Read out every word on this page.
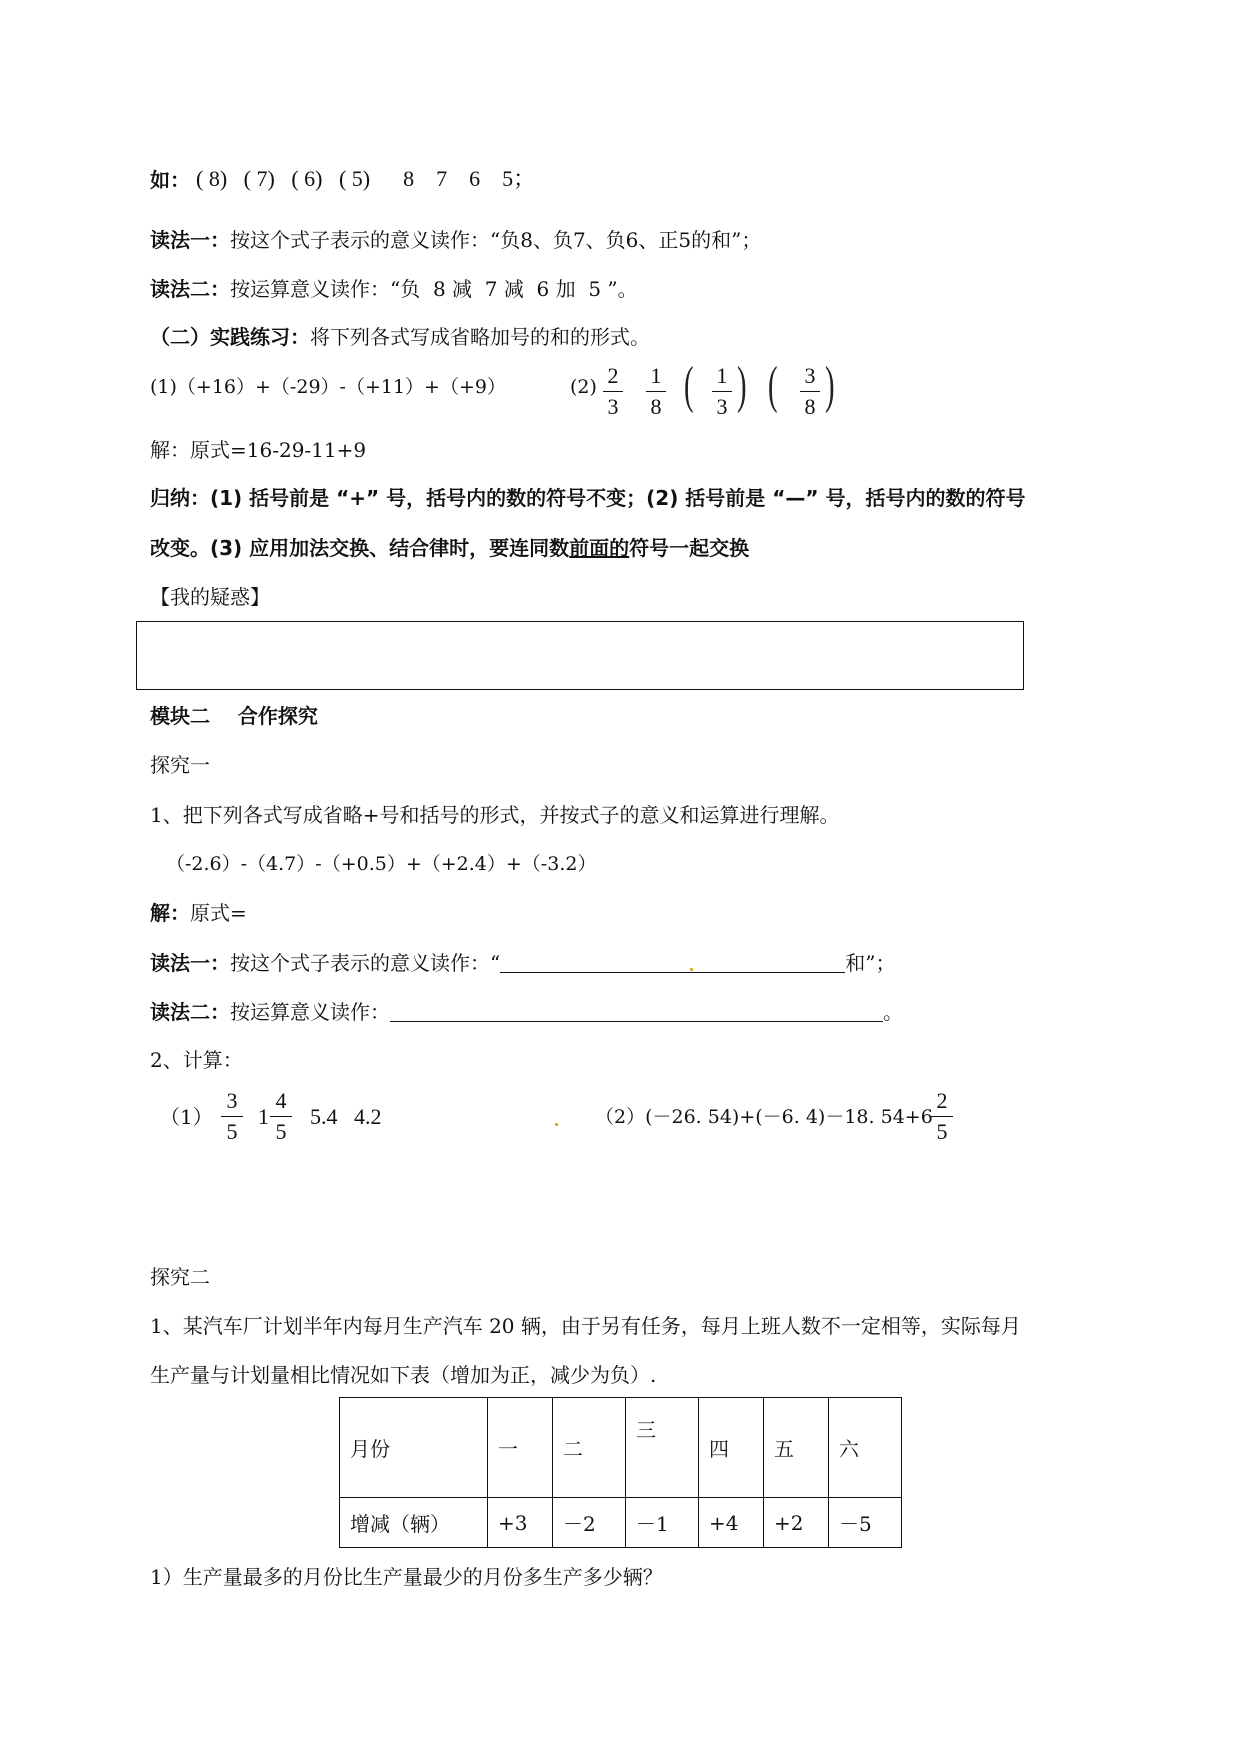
如： ( 8) ( 7) ( 6) ( 5) 8 7 6 5；
读法一：按这个式子表示的意义读作：“负8、负7、负6、正5的和”；
读法二：按运算意义读作：“负  8 减  7 减  6 加  5 ”。
（二）实践练习：将下列各式写成省略加号的和的形式。
(1)（+16）+（-29）-（+11）+（+9）	(2) 2
3
1
8 ( 1
3 ) ( 3
8 )
解：原式=16-29-11+9
归纳：(1) 括号前是 “+” 号，括号内的数的符号不变；(2) 括号前是 “—” 号，括号内的数的符号
改变。(3) 应用加法交换、结合律时，要连同数前面的符号一起交换
【我的疑惑】
模块二    合作探究
探究一
1、把下列各式写成省略+号和括号的形式，并按式子的意义和运算进行理解。
（-2.6）-（4.7）-（+0.5）+（+2.4）+（-3.2）
解：原式=
读法一：按这个式子表示的意义读作：“	和”；
读法二：按运算意义读作：	。
2、计算：
（1）
3
5
1
4
5
5.4   4.2	（2）(－26. 54)+(－6. 4)－18. 54+6
2
5
探究二
1、某汽车厂计划半年内每月生产汽车 20 辆，由于另有任务，每月上班人数不一定相等，实际每月
生产量与计划量相比情况如下表（增加为正，减少为负）.
月份	一	二	三	四	五	六
增减（辆）	+3	－2	－1	+4	+2	－5
1）生产量最多的月份比生产量最少的月份多生产多少辆？
